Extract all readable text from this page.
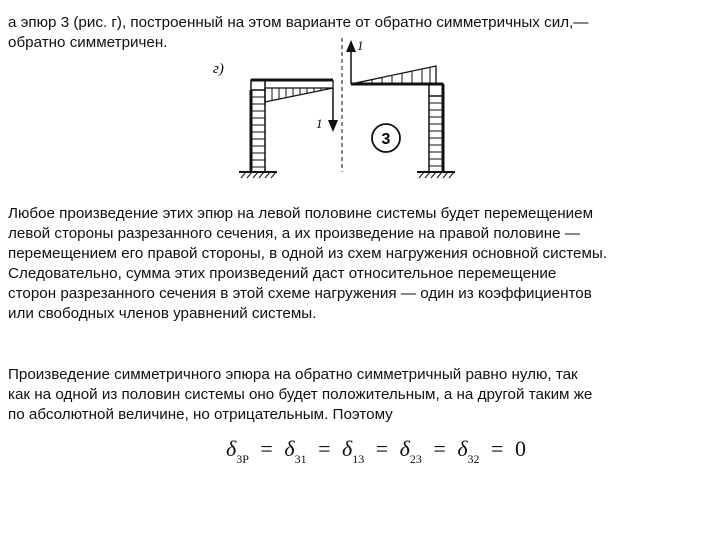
а эпюр 3 (рис. г), построенный на этом варианте от обратно симметричных сил,—
обратно симметричен.
г)
1
1
3
Любое произведение этих эпюр на левой половине системы будет перемещением
левой стороны разрезанного сечения, а их произведение на правой половине —
перемещением его правой стороны, в одной из схем нагружения основной системы.
Следовательно, сумма этих произведений даст относительное перемещение
сторон разрезанного сечения в этой схеме нагружения — один из коэффициентов
или свободных членов уравнений системы.
Произведение симметричного эпюра на обратно симметричный равно нулю, так
как на одной из половин системы оно будет положительным, а на другой таким же
по абсолютной величине, но отрицательным. Поэтому
$\delta_{3P} = \delta_{31} = \delta_{13} = \delta_{23} = \delta_{32} = 0$
